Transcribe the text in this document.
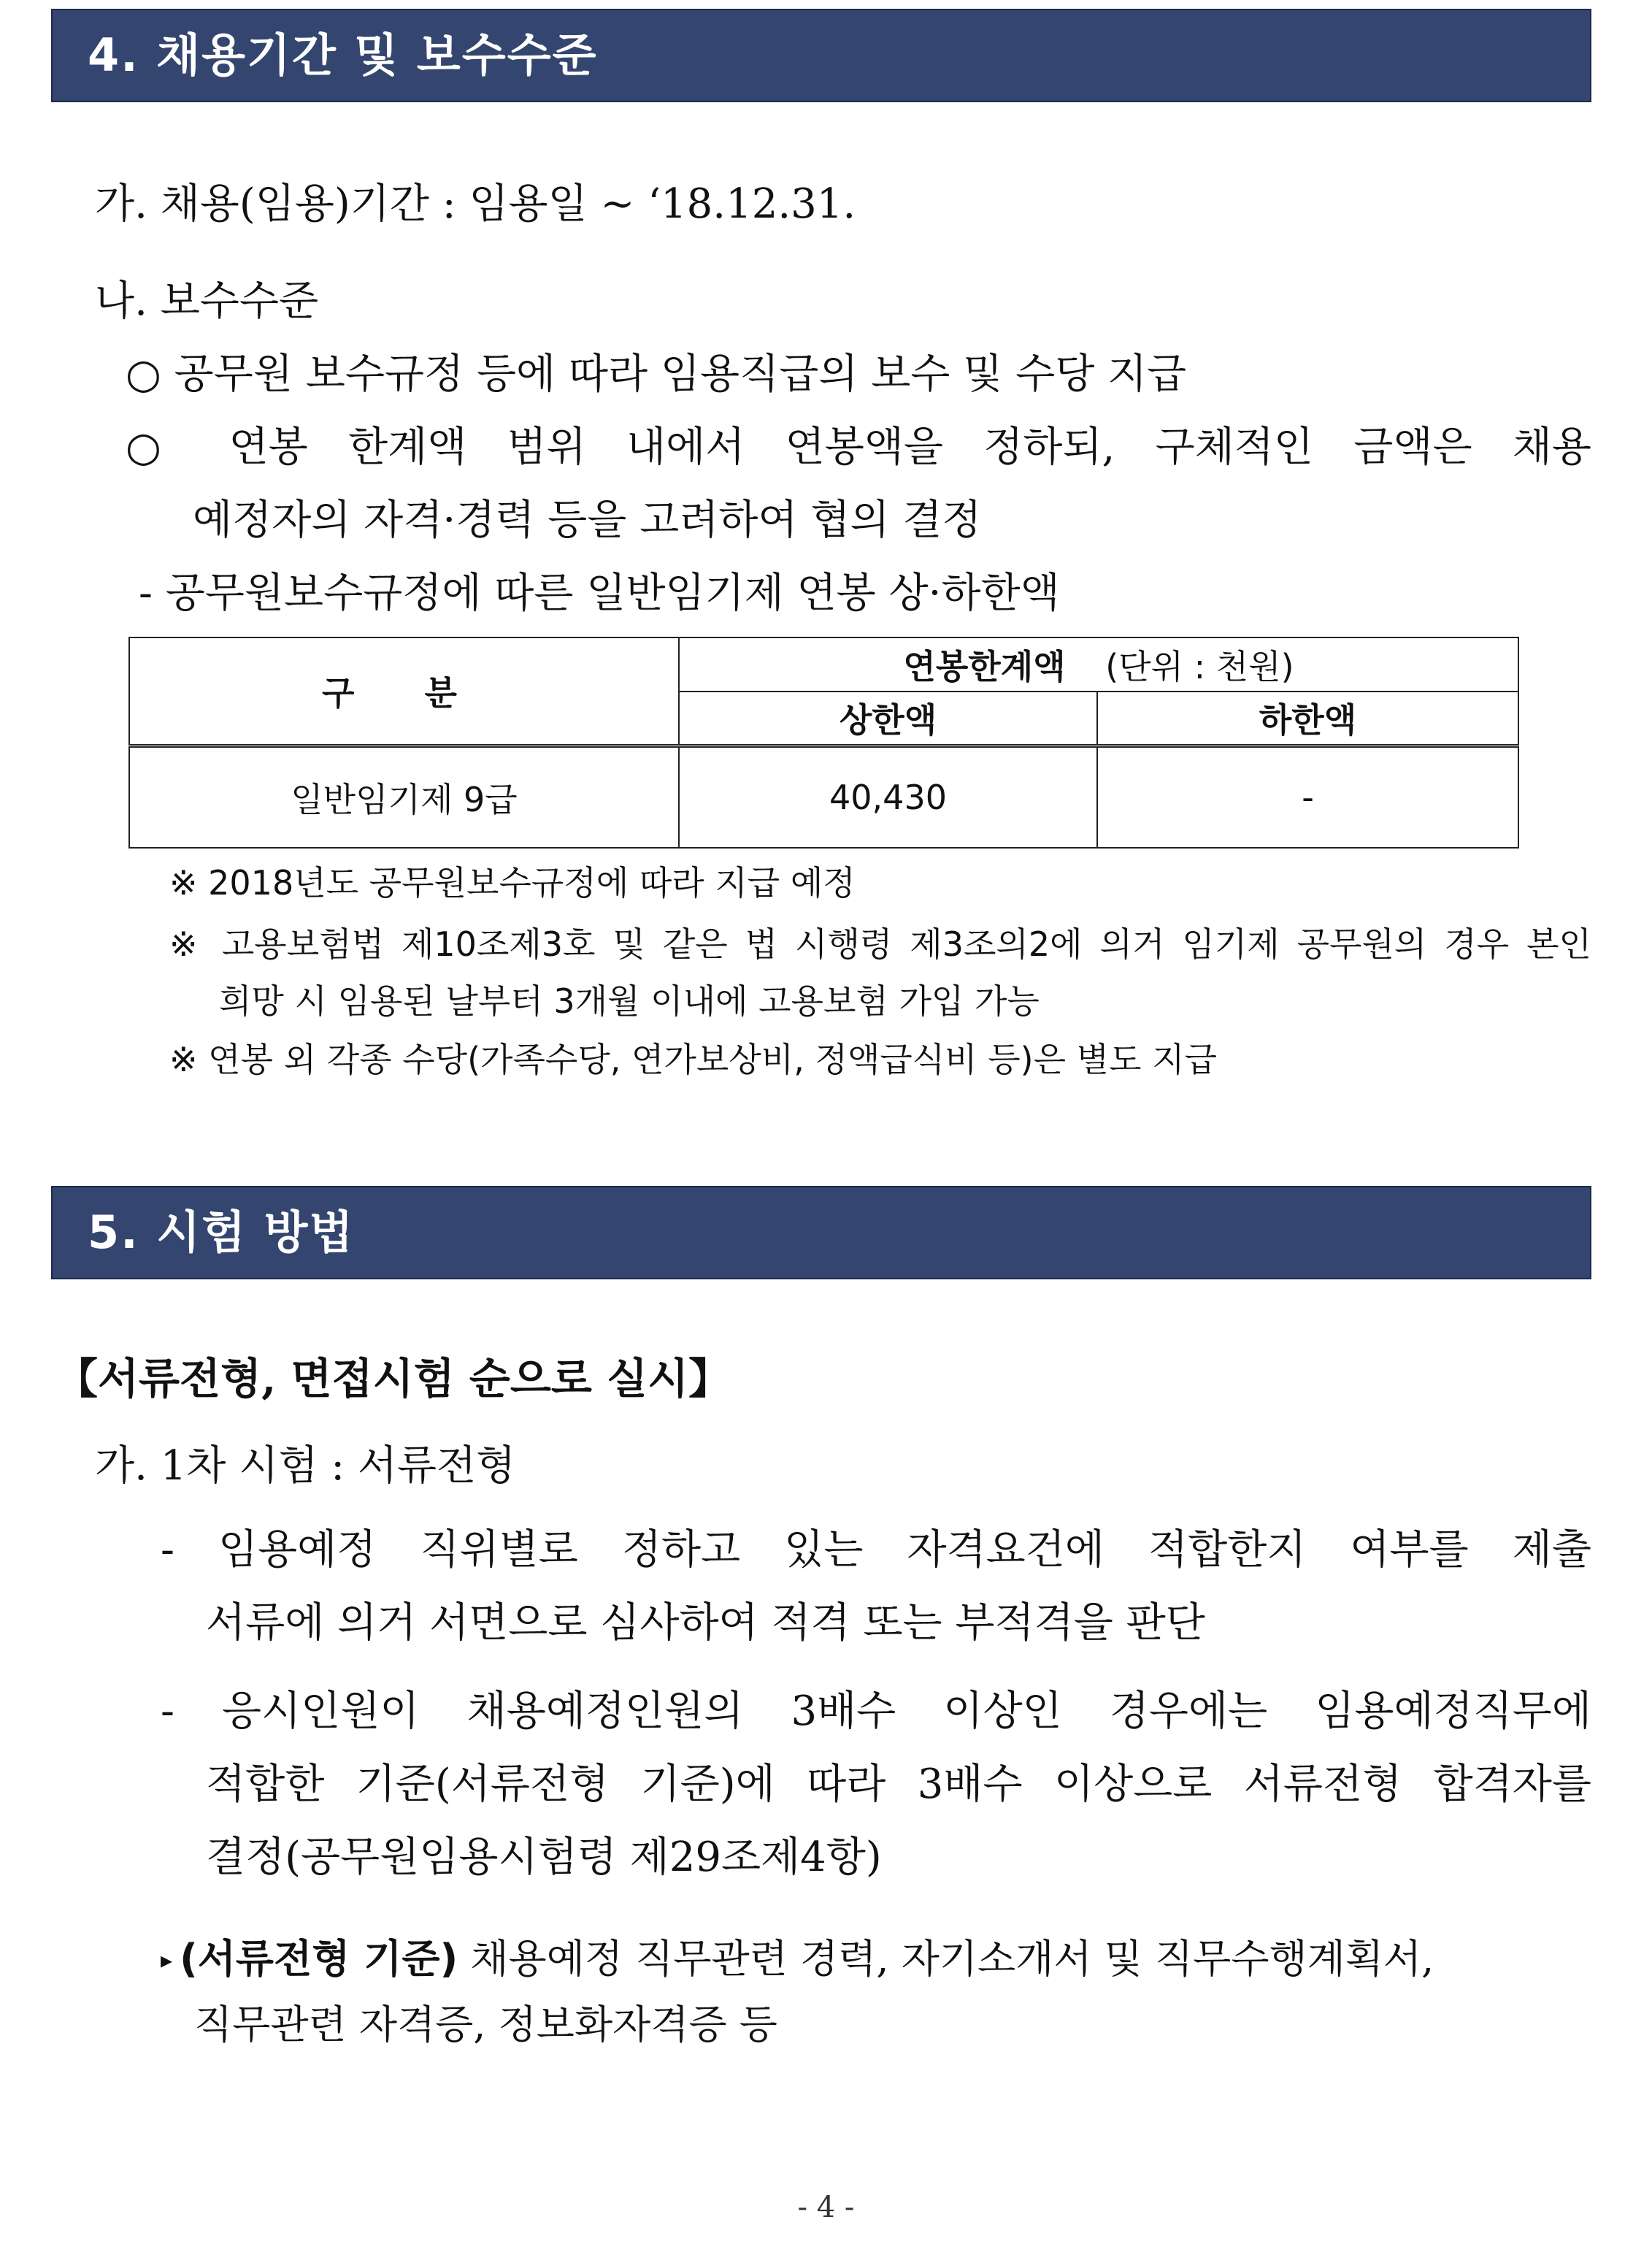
4. 채용기간 및 보수수준
가. 채용(임용)기간 : 임용일 ~ ‘18.12.31.
나. 보수수준
○ 공무원 보수규정 등에 따라 임용직급의 보수 및 수당 지급
○ 연봉 한계액 범위 내에서 연봉액을 정하되, 구체적인 금액은 채용
예정자의 자격·경력 등을 고려하여 협의 결정
- 공무원보수규정에 따른 일반임기제 연봉 상·하한액
구 분	연봉한계액 (단위 : 천원)	
	상한액	하한액
일반임기제 9급	40,430	-
※ 2018년도 공무원보수규정에 따라 지급 예정
※ 고용보험법 제10조제3호 및 같은 법 시행령 제3조의2에 의거 임기제 공무원의 경우 본인
희망 시 임용된 날부터 3개월 이내에 고용보험 가입 가능
※ 연봉 외 각종 수당(가족수당, 연가보상비, 정액급식비 등)은 별도 지급
5. 시험 방법
【서류전형, 면접시험 순으로 실시】
가. 1차 시험 : 서류전형
- 임용예정 직위별로 정하고 있는 자격요건에 적합한지 여부를 제출
서류에 의거 서면으로 심사하여 적격 또는 부적격을 판단
- 응시인원이 채용예정인원의 3배수 이상인 경우에는 임용예정직무에
적합한 기준(서류전형 기준)에 따라 3배수 이상으로 서류전형 합격자를
결정(공무원임용시험령 제29조제4항)
▸ (서류전형 기준) 채용예정 직무관련 경력, 자기소개서 및 직무수행계획서,
직무관련 자격증, 정보화자격증 등
- 4 -
